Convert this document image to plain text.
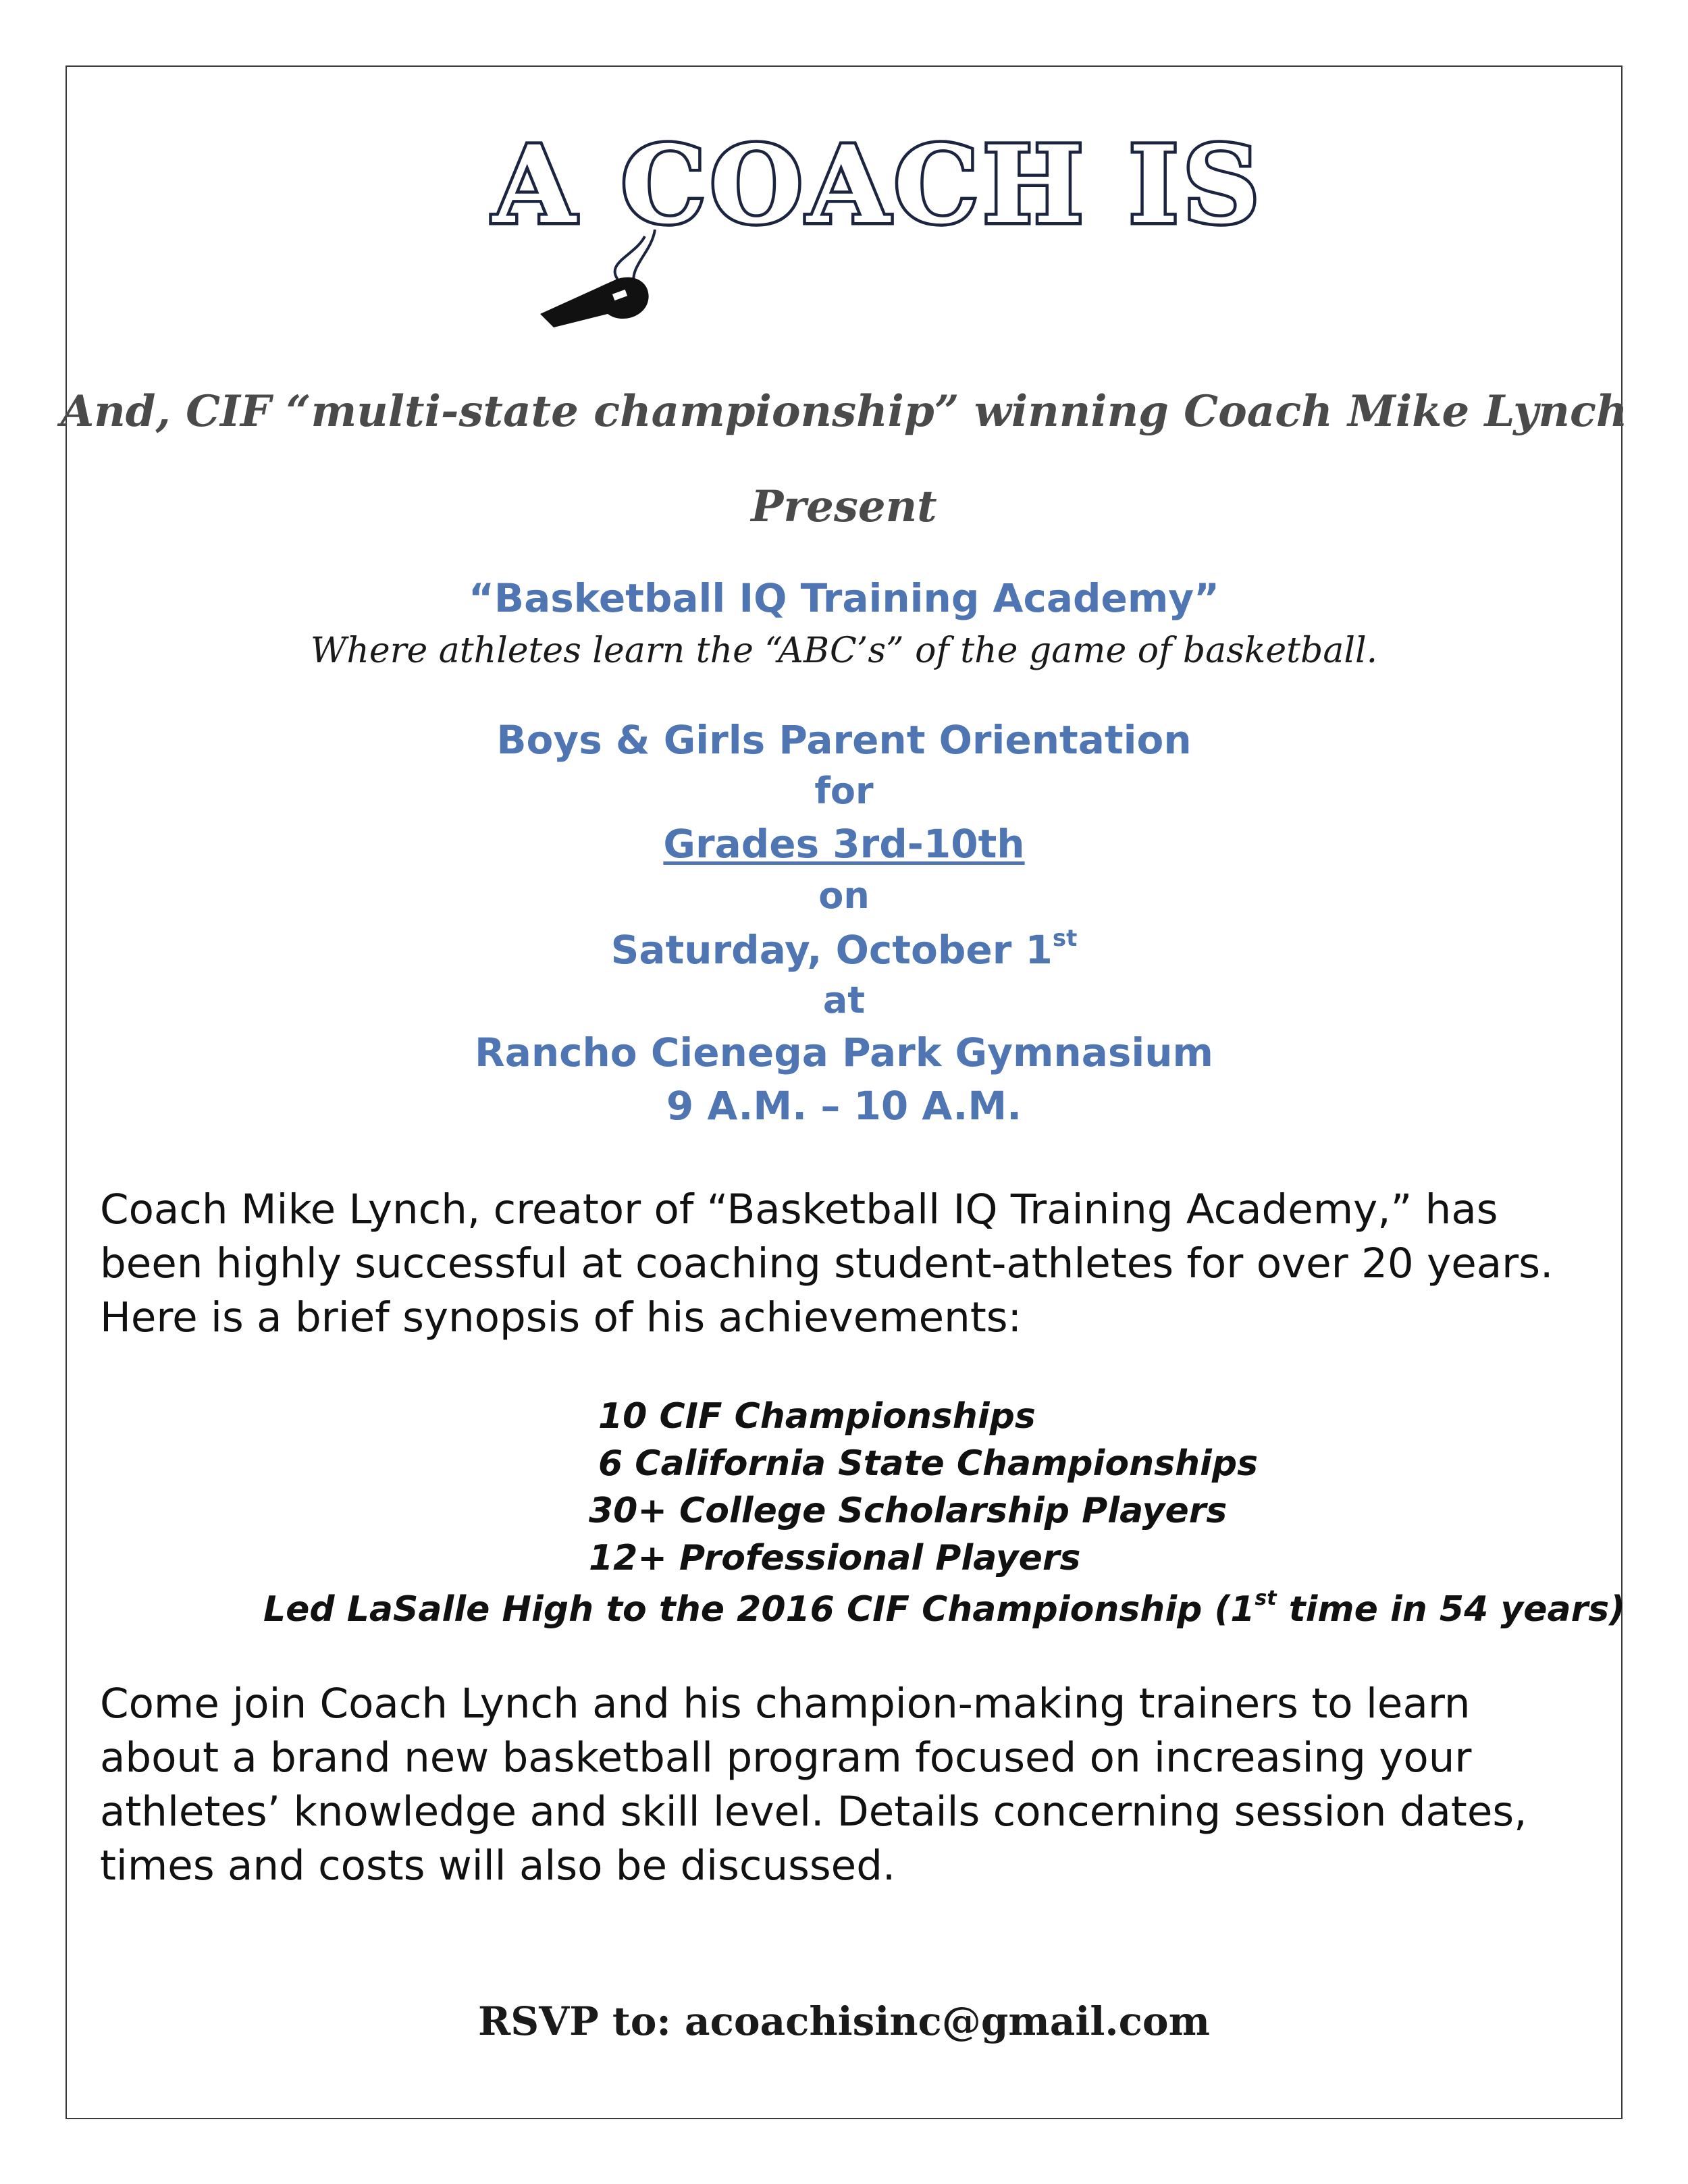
A COACH IS

And, CIF “multi-state championship” winning Coach Mike Lynch

Present

“Basketball IQ Training Academy”

Where athletes learn the “ABC’s” of the game of basketball.

Boys & Girls Parent Orientation

for

Grades 3rd-10th

on

Saturday, October 1st

at

Rancho Cienega Park Gymnasium

9 A.M. – 10 A.M.

Coach Mike Lynch, creator of “Basketball IQ Training Academy,” has been highly successful at coaching student-athletes for over 20 years. Here is a brief synopsis of his achievements:

10 CIF Championships

6 California State Championships

30+ College Scholarship Players

12+ Professional Players

Led LaSalle High to the 2016 CIF Championship (1st time in 54 years)

Come join Coach Lynch and his champion-making trainers to learn about a brand new basketball program focused on increasing your athletes’ knowledge and skill level. Details concerning session dates, times and costs will also be discussed.

RSVP to: acoachisinc@gmail.com
